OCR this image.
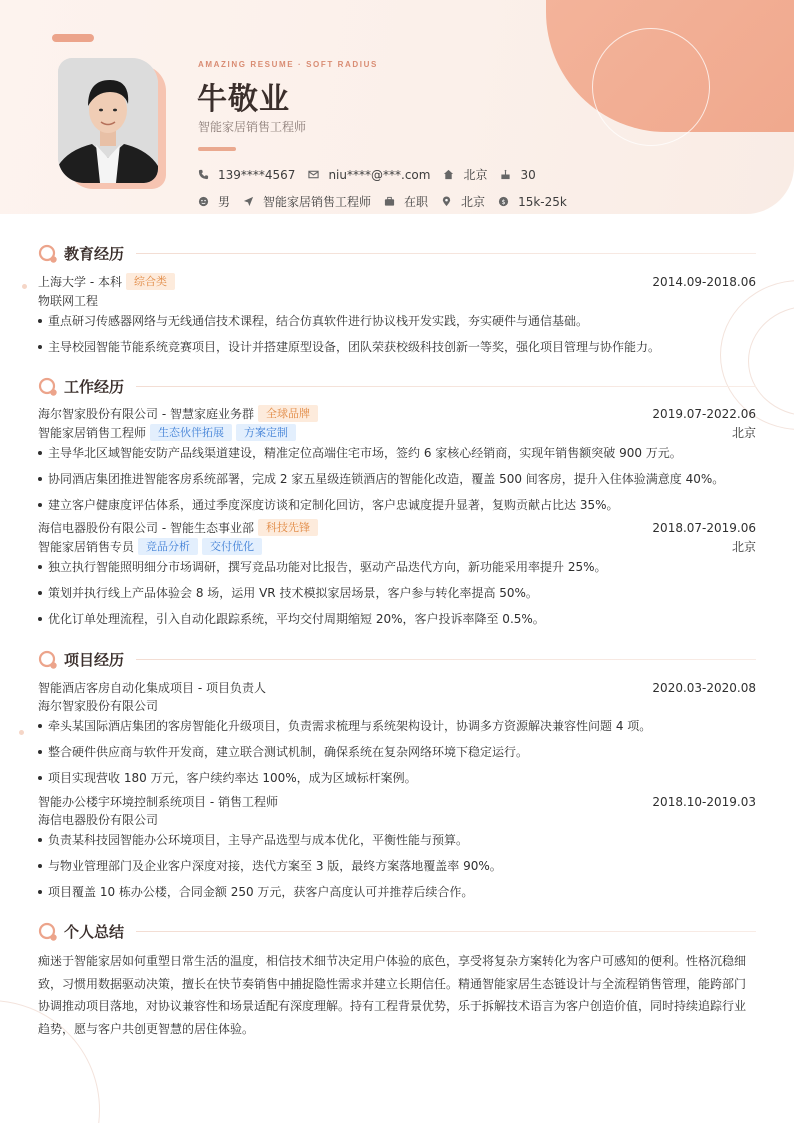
AMAZING RESUME · SOFT RADIUS
牛敬业
智能家居销售工程师
139****4567	niu****@***.com	北京	30
男	智能家居销售工程师	在职	北京 $ 15k-25k
教育经历
上海大学 - 本科	综合类	2014.09-2018.06
物联网工程
重点研习传感器网络与无线通信技术课程，结合仿真软件进行协议栈开发实践，夯实硬件与通信基础。
主导校园智能节能系统竞赛项目，设计并搭建原型设备，团队荣获校级科技创新一等奖，强化项目管理与协作能力。
工作经历
海尔智家股份有限公司 - 智慧家庭业务群	全球品牌	2019.07-2022.06
智能家居销售工程师	生态伙伴拓展	方案定制	北京
主导华北区域智能安防产品线渠道建设，精准定位高端住宅市场，签约 6 家核心经销商，实现年销售额突破 900 万元。
协同酒店集团推进智能客房系统部署，完成 2 家五星级连锁酒店的智能化改造，覆盖 500 间客房，提升入住体验满意度 40%。
建立客户健康度评估体系，通过季度深度访谈和定制化回访，客户忠诚度提升显著，复购贡献占比达 35%。
海信电器股份有限公司 - 智能生态事业部	科技先锋	2018.07-2019.06
智能家居销售专员	竞品分析	交付优化	北京
独立执行智能照明细分市场调研，撰写竞品功能对比报告，驱动产品迭代方向，新功能采用率提升 25%。
策划并执行线上产品体验会 8 场，运用 VR 技术模拟家居场景，客户参与转化率提高 50%。
优化订单处理流程，引入自动化跟踪系统，平均交付周期缩短 20%，客户投诉率降至 0.5%。
项目经历
智能酒店客房自动化集成项目 - 项目负责人	2020.03-2020.08
海尔智家股份有限公司
牵头某国际酒店集团的客房智能化升级项目，负责需求梳理与系统架构设计，协调多方资源解决兼容性问题 4 项。
整合硬件供应商与软件开发商，建立联合测试机制，确保系统在复杂网络环境下稳定运行。
项目实现营收 180 万元，客户续约率达 100%，成为区域标杆案例。
智能办公楼宇环境控制系统项目 - 销售工程师	2018.10-2019.03
海信电器股份有限公司
负责某科技园智能办公环境项目，主导产品选型与成本优化，平衡性能与预算。
与物业管理部门及企业客户深度对接，迭代方案至 3 版，最终方案落地覆盖率 90%。
项目覆盖 10 栋办公楼，合同金额 250 万元，获客户高度认可并推荐后续合作。
个人总结
痴迷于智能家居如何重塑日常生活的温度，相信技术细节决定用户体验的底色，享受将复杂方案转化为客户可感知的便利。性格沉稳细致，习惯用数据驱动决策，擅长在快节奏销售中捕捉隐性需求并建立长期信任。精通智能家居生态链设计与全流程销售管理，能跨部门协调推动项目落地，对协议兼容性和场景适配有深度理解。持有工程背景优势，乐于拆解技术语言为客户创造价值，同时持续追踪行业趋势，愿与客户共创更智慧的居住体验。
